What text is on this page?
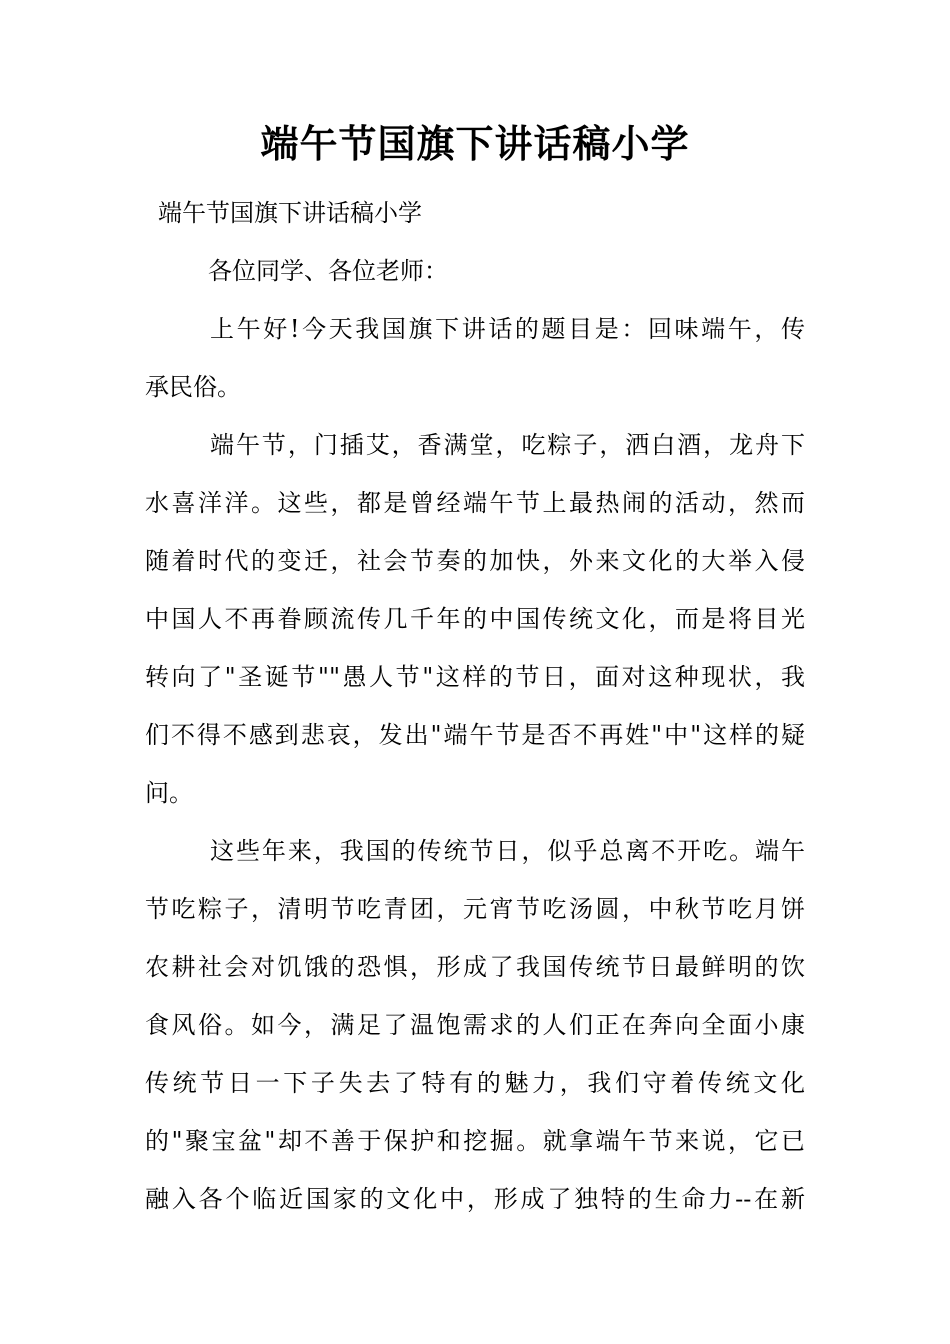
端午节国旗下讲话稿小学
端午节国旗下讲话稿小学
各位同学、各位老师：
上午好!今天我国旗下讲话的题目是：回味端午，传
承民俗。
端午节，门插艾，香满堂，吃粽子，洒白酒，龙舟下
水喜洋洋。这些，都是曾经端午节上最热闹的活动，然而
随着时代的变迁，社会节奏的加快，外来文化的大举入侵
中国人不再眷顾流传几千年的中国传统文化，而是将目光
转向了"圣诞节""愚人节"这样的节日，面对这种现状，我
们不得不感到悲哀，发出"端午节是否不再姓"中"这样的疑
问。
这些年来，我国的传统节日，似乎总离不开吃。端午
节吃粽子，清明节吃青团，元宵节吃汤圆，中秋节吃月饼
农耕社会对饥饿的恐惧，形成了我国传统节日最鲜明的饮
食风俗。如今，满足了温饱需求的人们正在奔向全面小康
传统节日一下子失去了特有的魅力，我们守着传统文化
的"聚宝盆"却不善于保护和挖掘。就拿端午节来说，它已
融入各个临近国家的文化中，形成了独特的生命力--在新
